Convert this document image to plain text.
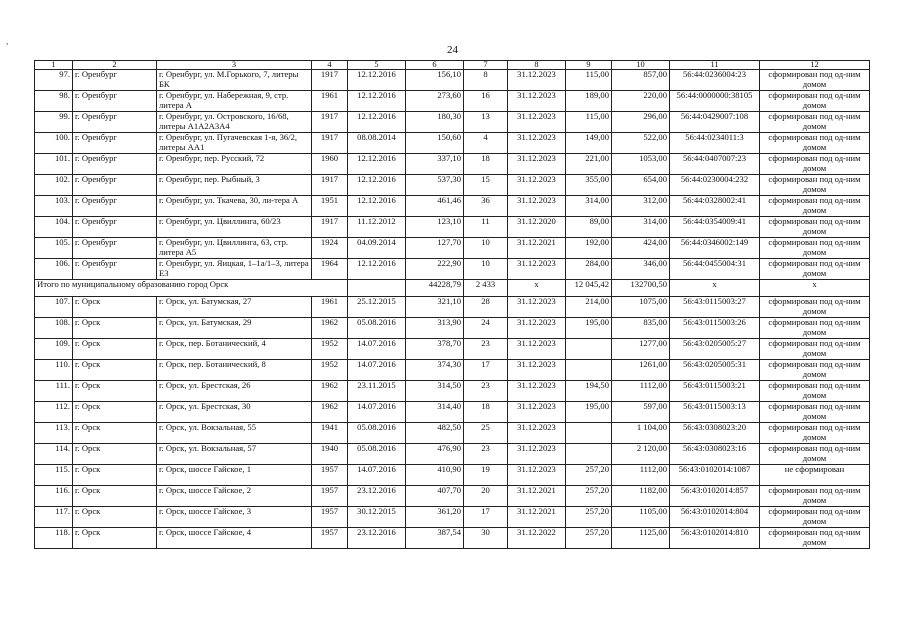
,
24
1	2	3	4	5	6	7	8	9	10	11	12
97.	г. Оренбург	г. Оренбург, ул. М.Горького, 7, литеры БК	1917	12.12.2016	156,10	8	31.12.2023	115,00	857,00	56:44:0236004:23	сформирован под од-ним домом
98.	г. Оренбург	г. Оренбург, ул. Набережная, 9, стр. литера А	1961	12.12.2016	273,60	16	31.12.2023	189,00	220,00	56:44:0000000:38105	сформирован под од-ним домом
99.	г. Оренбург	г. Оренбург, ул. Островского, 16/68, литеры А1А2А3А4	1917	12.12.2016	180,30	13	31.12.2023	115,00	296,00	56:44:0429007:108	сформирован под од-ним домом
100.	г. Оренбург	г. Оренбург, ул. Пугачевская 1-я, 36/2, литеры АА1	1917	08.08.2014	150,60	4	31.12.2023	149,00	522,00	56:44:0234011:3	сформирован под од-ним домом
101.	г. Оренбург	г. Оренбург, пер. Русский, 72	1960	12.12.2016	337,10	18	31.12.2023	221,00	1053,00	56:44:0407007:23	сформирован под од-ним домом
102.	г. Оренбург	г. Оренбург, пер. Рыбный, 3	1917	12.12.2016	537,30	15	31.12.2023	355,00	654,00	56:44:0230004:232	сформирован под од-ним домом
103.	г. Оренбург	г. Оренбург, ул. Ткачева, 30, ли-тера А	1951	12.12.2016	461,46	36	31.12.2023	314,00	312,00	56:44:0328002:41	сформирован под од-ним домом
104.	г. Оренбург	г. Оренбург, ул. Цвиллинга, 60/23	1917	11.12.2012	123,10	11	31.12.2020	89,00	314,00	56:44:0354009:41	сформирован под од-ним домом
105.	г. Оренбург	г. Оренбург, ул. Цвиллинга, 63, стр. литера А5	1924	04.09.2014	127,70	10	31.12.2021	192,00	424,00	56:44:0346002:149	сформирован под од-ним домом
106.	г. Оренбург	г. Оренбург, ул. Яицкая, 1–1а/1–3, литера Е3	1964	12.12.2016	222,90	10	31.12.2023	284,00	346,00	56:44:0455004:31	сформирован под од-ним домом
Итого по муниципальному образованию город Орск					44228,79	2 433	x	12 045,42	132700,50	x	x
107.	г. Орск	г. Орск, ул. Батумская, 27	1961	25.12.2015	321,10	28	31.12.2023	214,00	1075,00	56:43:0115003:27	сформирован под од-ним домом
108.	г. Орск	г. Орск, ул. Батумская, 29	1962	05.08.2016	313,90	24	31.12.2023	195,00	835,00	56:43:0115003:26	сформирован под од-ним домом
109.	г. Орск	г. Орск, пер. Ботанический, 4	1952	14.07.2016	378,70	23	31.12.2023		1277,00	56:43:0205005:27	сформирован под од-ним домом
110.	г. Орск	г. Орск, пер. Ботанический, 8	1952	14.07.2016	374,30	17	31.12.2023		1261,00	56:43:0205005:31	сформирован под од-ним домом
111.	г. Орск	г. Орск, ул. Брестская, 26	1962	23.11.2015	314,50	23	31.12.2023	194,50	1112,00	56:43:0115003:21	сформирован под од-ним домом
112.	г. Орск	г. Орск, ул. Брестская, 30	1962	14.07.2016	314,40	18	31.12.2023	195,00	597,00	56:43:0115003:13	сформирован под од-ним домом
113.	г. Орск	г. Орск, ул. Вокзальная, 55	1941	05.08.2016	482,50	25	31.12.2023		1 104,00	56:43:0308023:20	сформирован под од-ним домом
114.	г. Орск	г. Орск, ул. Вокзальная, 57	1940	05.08.2016	476,90	23	31.12.2023		2 120,00	56:43:0308023:16	сформирован под од-ним домом
115.	г. Орск	г. Орск, шоссе Гайское, 1	1957	14.07.2016	410,90	19	31.12.2023	257,20	1112,00	56:43:0102014:1087	не сформирован
116.	г. Орск	г. Орск, шоссе Гайское, 2	1957	23.12.2016	407,70	20	31.12.2021	257,20	1182,00	56:43:0102014:857	сформирован под од-ним домом
117.	г. Орск	г. Орск, шоссе Гайское, 3	1957	30.12.2015	361,20	17	31.12.2021	257,20	1105,00	56:43:0102014:804	сформирован под од-ним домом
118.	г. Орск	г. Орск, шоссе Гайское, 4	1957	23.12.2016	387,54	30	31.12.2022	257,20	1125,00	56:43:0102014:810	сформирован под од-ним домом
